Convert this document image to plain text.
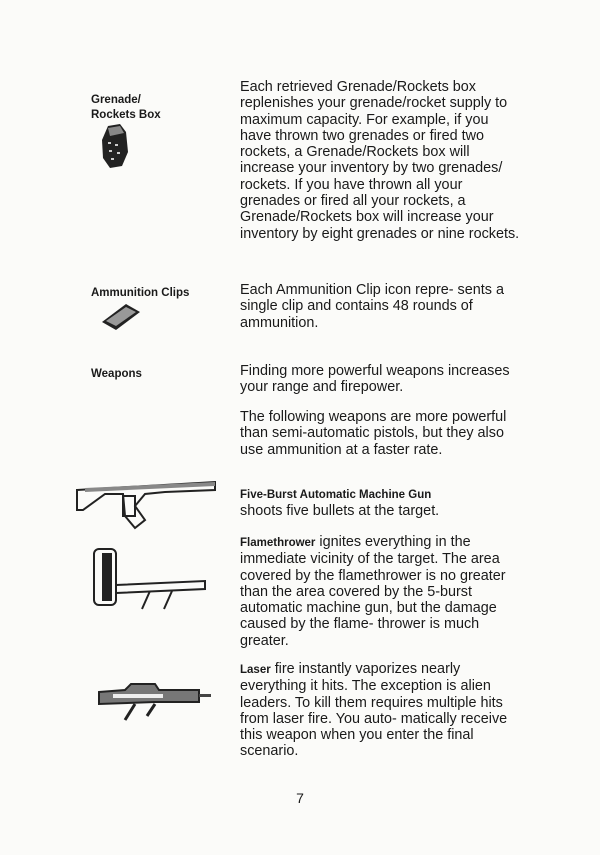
Grenade/
Rockets Box
Each retrieved Grenade/Rockets box replenishes your grenade/rocket supply to maximum capacity. For example, if you have thrown two grenades or fired two rockets, a Grenade/Rockets box will increase your inventory by two grenades/ rockets. If you have thrown all your grenades or fired all your rockets, a Grenade/Rockets box will increase your inventory by eight grenades or nine rockets.
Ammunition Clips	Each Ammunition Clip icon repre- sents a single clip and contains 48 rounds of ammunition.
Weapons	Finding more powerful weapons increases your range and firepower.
The following weapons are more powerful than semi-automatic pistols, but they also use ammunition at a faster rate.
Five-Burst Automatic Machine Gun
shoots five bullets at the target.
Flamethrower ignites everything in the immediate vicinity of the target. The area covered by the flamethrower is no greater than the area covered by the 5-burst automatic machine gun, but the damage caused by the flame- thrower is much greater.
Laser fire instantly vaporizes nearly everything it hits. The exception is alien leaders. To kill them requires multiple hits from laser fire. You auto- matically receive this weapon when you enter the final scenario.
7
